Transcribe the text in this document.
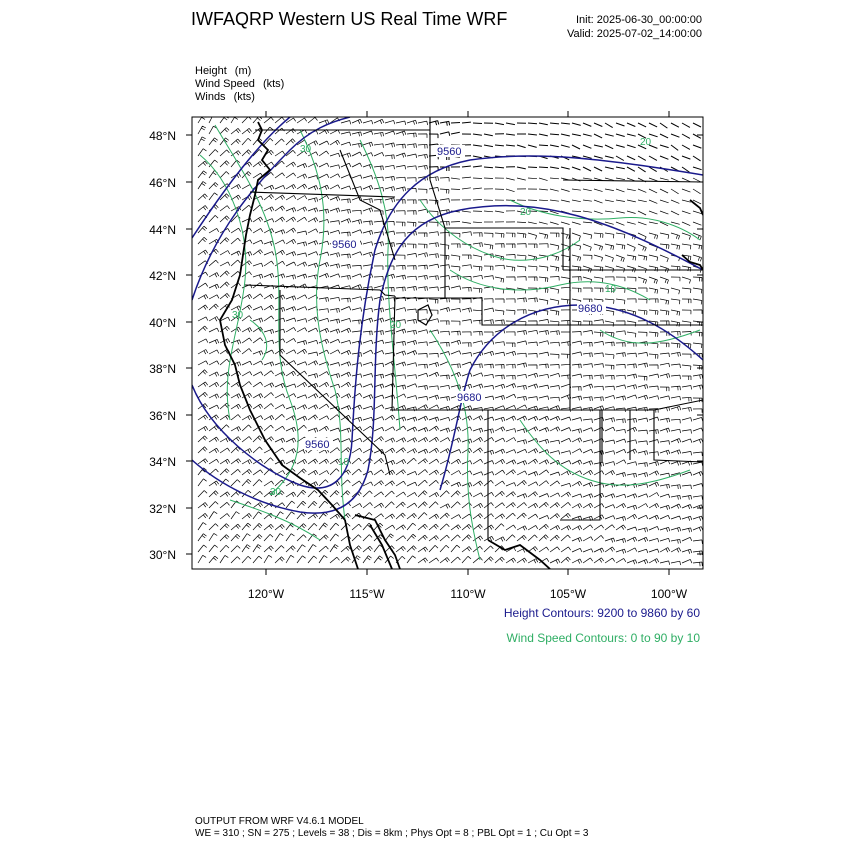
IWFAQRP Western US Real Time WRF	Init: 2025-06-30_00:00:00
Valid: 2025-07-02_14:00:00
Height (m)
Wind Speed (kts)
Winds (kts)
48°N
46°N
44°N
42°N
40°N
38°N
36°N
34°N
32°N
30°N
120°W	115°W	110°W	105°W	100°W
9560
9560
9680
9680
9560
30
30
20
10
30
10
20
20
Height Contours: 9200 to 9860 by 60
Wind Speed Contours: 0 to 90 by 10
OUTPUT FROM WRF V4.6.1 MODEL
WE = 310 ; SN = 275 ; Levels = 38 ; Dis = 8km ; Phys Opt = 8 ; PBL Opt = 1 ; Cu Opt = 3
